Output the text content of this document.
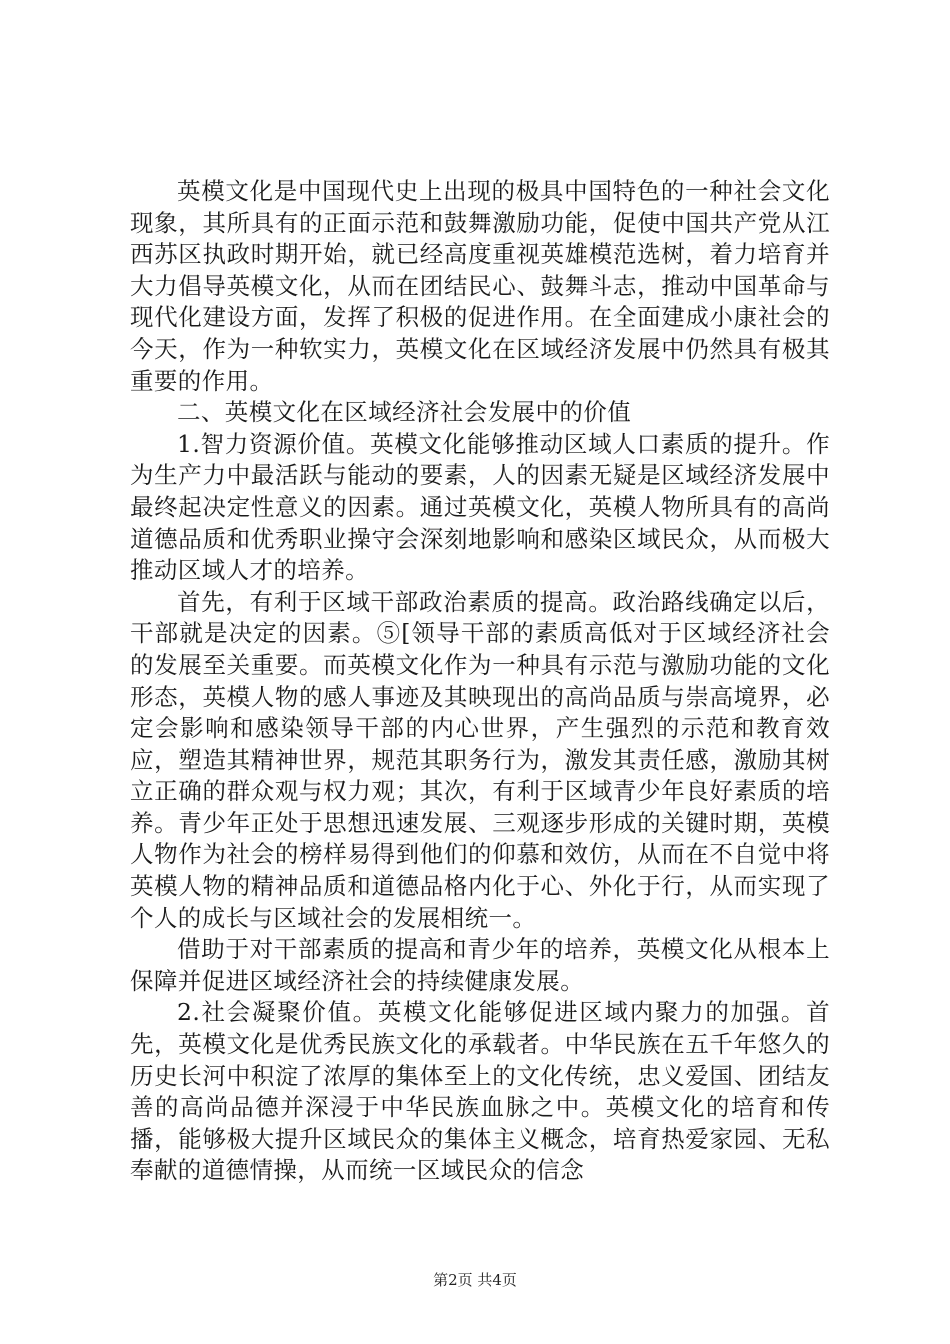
英模文化是中国现代史上出现的极具中国特色的一种社会文化现象，其所具有的正面示范和鼓舞激励功能，促使中国共产党从江西苏区执政时期开始，就已经高度重视英雄模范选树，着力培育并大力倡导英模文化，从而在团结民心、鼓舞斗志，推动中国革命与现代化建设方面，发挥了积极的促进作用。在全面建成小康社会的今天，作为一种软实力，英模文化在区域经济发展中仍然具有极其重要的作用。

二、英模文化在区域经济社会发展中的价值

1.智力资源价值。英模文化能够推动区域人口素质的提升。作为生产力中最活跃与能动的要素，人的因素无疑是区域经济发展中最终起决定性意义的因素。通过英模文化，英模人物所具有的高尚道德品质和优秀职业操守会深刻地影响和感染区域民众，从而极大推动区域人才的培养。

首先，有利于区域干部政治素质的提高。政治路线确定以后，干部就是决定的因素。⑤[领导干部的素质高低对于区域经济社会的发展至关重要。而英模文化作为一种具有示范与激励功能的文化形态，英模人物的感人事迹及其映现出的高尚品质与崇高境界，必定会影响和感染领导干部的内心世界，产生强烈的示范和教育效应，塑造其精神世界，规范其职务行为，激发其责任感，激励其树立正确的群众观与权力观；其次，有利于区域青少年良好素质的培养。青少年正处于思想迅速发展、三观逐步形成的关键时期，英模人物作为社会的榜样易得到他们的仰慕和效仿，从而在不自觉中将英模人物的精神品质和道德品格内化于心、外化于行，从而实现了个人的成长与区域社会的发展相统一。

借助于对干部素质的提高和青少年的培养，英模文化从根本上保障并促进区域经济社会的持续健康发展。

2.社会凝聚价值。英模文化能够促进区域内聚力的加强。首先，英模文化是优秀民族文化的承载者。中华民族在五千年悠久的历史长河中积淀了浓厚的集体至上的文化传统，忠义爱国、团结友善的高尚品德并深浸于中华民族血脉之中。英模文化的培育和传播，能够极大提升区域民众的集体主义概念，培育热爱家园、无私奉献的道德情操，从而统一区域民众的信念

第2页 共4页
